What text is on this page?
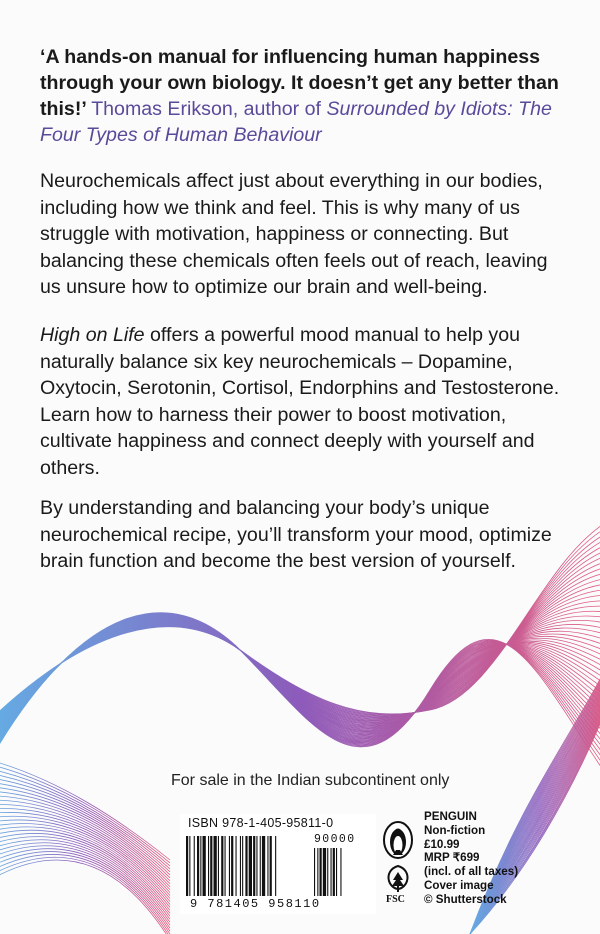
‘A hands-on manual for influencing human happiness through your own biology. It doesn’t get any better than this!’ Thomas Erikson, author of Surrounded by Idiots: The Four Types of Human Behaviour
Neurochemicals affect just about everything in our bodies, including how we think and feel. This is why many of us struggle with motivation, happiness or connecting. But balancing these chemicals often feels out of reach, leaving us unsure how to optimize our brain and well-being.
High on Life offers a powerful mood manual to help you naturally balance six key neurochemicals – Dopamine, Oxytocin, Serotonin, Cortisol, Endorphins and Testosterone. Learn how to harness their power to boost motivation, cultivate happiness and connect deeply with yourself and others.
By understanding and balancing your body’s unique neurochemical recipe, you’ll transform your mood, optimize brain function and become the best version of yourself.
For sale in the Indian subcontinent only
ISBN 978-1-405-95811-0
90000
9 781405 958110	FSC
PENGUIN
Non-fiction
£10.99
MRP ₹699
(incl. of all taxes)
Cover image
© Shutterstock
